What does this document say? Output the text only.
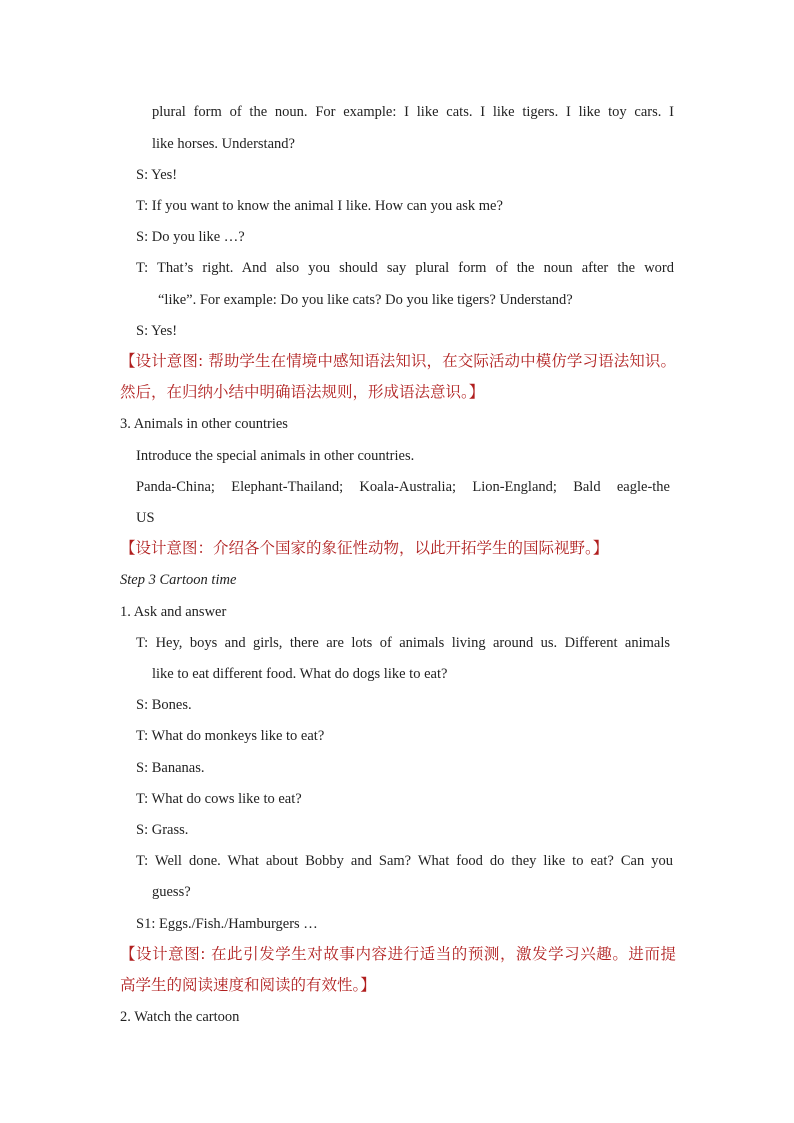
plural form of the noun. For example: I like cats. I like tigers. I like toy cars. I
like horses. Understand?
S: Yes!
T: If you want to know the animal I like. How can you ask me?
S: Do you like …?
T: That’s right. And also you should say plural form of the noun after the word
“like”. For example: Do you like cats? Do you like tigers? Understand?
S: Yes!
【设计意图: 帮助学生在情境中感知语法知识，在交际活动中模仿学习语法知识。
然后，在归纳小结中明确语法规则，形成语法意识。】
3. Animals in other countries
Introduce the special animals in other countries.
Panda-China; Elephant-Thailand; Koala-Australia; Lion-England; Bald eagle-the
US
【设计意图：介绍各个国家的象征性动物，以此开拓学生的国际视野。】
Step 3 Cartoon time
1. Ask and answer
T: Hey, boys and girls, there are lots of animals living around us. Different animals
like to eat different food. What do dogs like to eat?
S: Bones.
T: What do monkeys like to eat?
S: Bananas.
T: What do cows like to eat?
S: Grass.
T: Well done. What about Bobby and Sam? What food do they like to eat? Can you
guess?
S1: Eggs./Fish./Hamburgers …
【设计意图: 在此引发学生对故事内容进行适当的预测，激发学习兴趣。进而提
高学生的阅读速度和阅读的有效性。】
2. Watch the cartoon
